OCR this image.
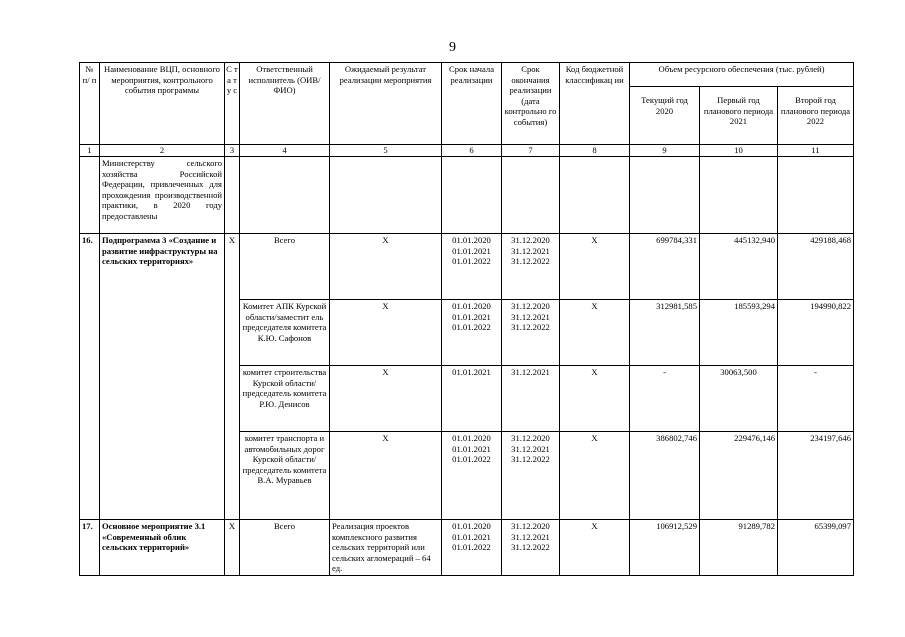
9
№ п/ п	Наименование ВЦП, основного мероприятия, контрольного события программы	С т а т у с	Ответственный исполнитель (ОИВ/ФИО)	Ожидаемый результат реализации мероприятия	Срок начала реализации	Срок окончания реализации (дата контрольно го события)	Код бюджетной классификац ии	Объем ресурсного обеспечения (тыс. рублей)		
								Текущий год 2020	Первый год планового периода 2021	Второй год планового периода 2022
1	2	3	4	5	6	7	8	9	10	11
	Министерству сельского хозяйства Российской Федерации, привлеченных для прохождения производственной практики, в 2020 году предоставлены									
16.	Подпрограмма 3 «Создание и развитие инфраструктуры на сельских территориях»	Х	Всего	Х	01.01.2020
01.01.2021
01.01.2022	31.12.2020
31.12.2021
31.12.2022	Х	699784,331	445132,940	429188,468
			Комитет АПК Курской области/заместит ель председателя комитета К.Ю. Сафонов	Х	01.01.2020
01.01.2021
01.01.2022	31.12.2020
31.12.2021
31.12.2022	Х	312981,585	185593,294	194990,822
			комитет строительства Курской области/ председатель комитета Р.Ю. Денисов	Х	01.01.2021	31.12.2021	Х	-	30063,500	-
			комитет транспорта и автомобильных дорог Курской области/ председатель комитета В.А. Муравьев	Х	01.01.2020
01.01.2021
01.01.2022	31.12.2020
31.12.2021
31.12.2022	Х	386802,746	229476,146	234197,646
17.	Основное мероприятие 3.1 «Современный облик сельских территорий»	Х	Всего	Реализация проектов комплексного развития сельских территорий или сельских агломераций – 64 ед.	01.01.2020
01.01.2021
01.01.2022	31.12.2020
31.12.2021
31.12.2022	Х	106912,529	91289,782	65399,097
